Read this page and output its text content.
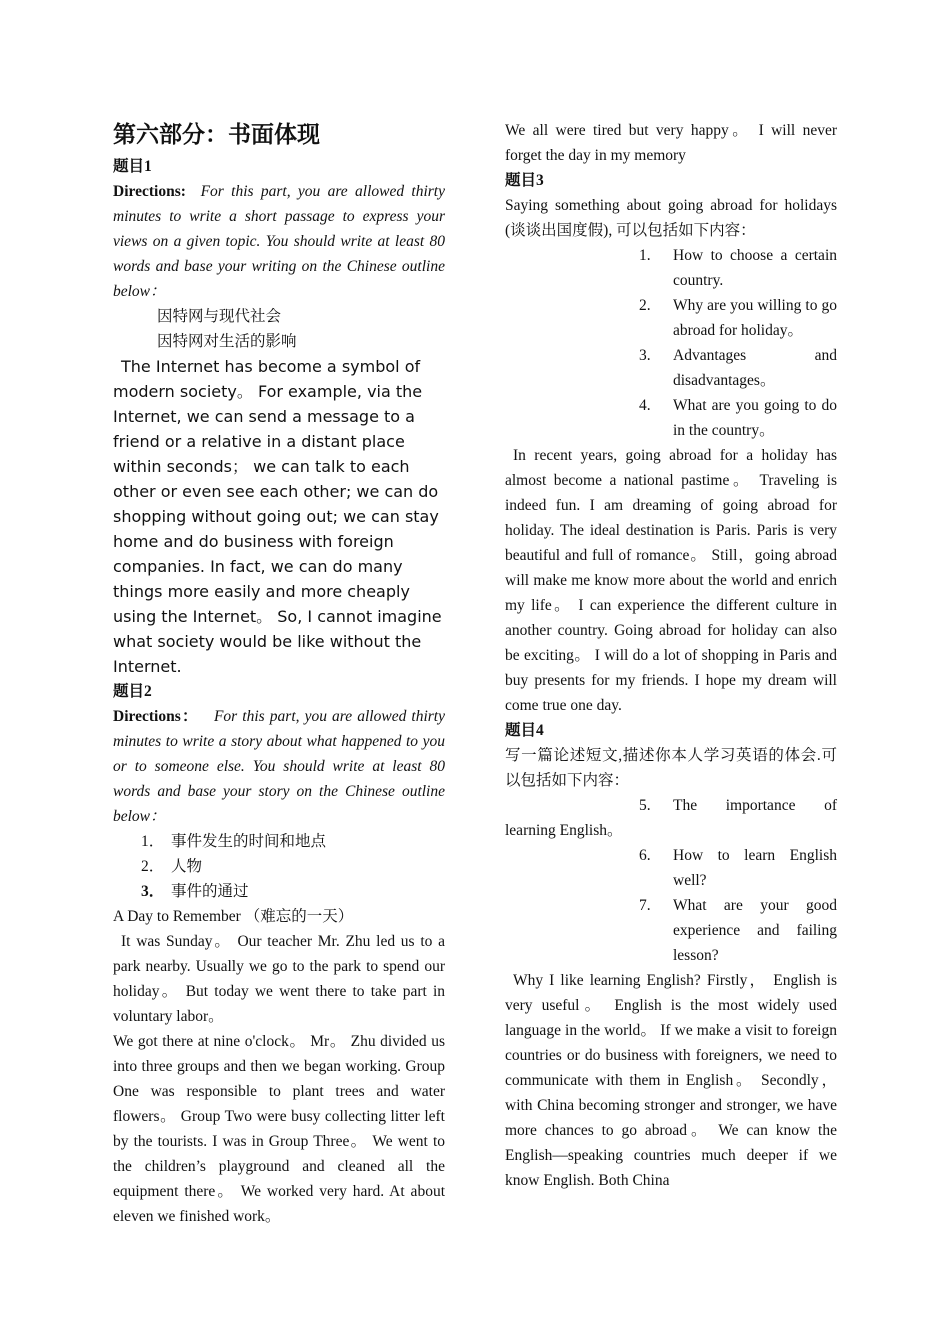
第六部分：书面体现

题目1

Directions: For this part, you are allowed thirty minutes to write a short passage to express your views on a given topic. You should write at least 80 words and base your writing on the Chinese outline below：

因特网与现代社会

因特网对生活的影响

The Internet has become a symbol of modern society。 For example, via the Internet, we can send a message to a friend or a relative in a distant place within seconds； we can talk to each other or even see each other; we can do shopping without going out; we can stay home and do business with foreign companies. In fact, we can do many things more easily and more cheaply using the Internet。 So, I cannot imagine what society would be like without the Internet.

题目2

Directions： For this part, you are allowed thirty minutes to write a story about what happened to you or to someone else. You should write at least 80 words and base your story on the Chinese outline below：

1． 事件发生的时间和地点
2． 人物
3． 事件的通过

A Day to Remember （难忘的一天）

It was Sunday。 Our teacher Mr. Zhu led us to a park nearby. Usually we go to the park to spend our holiday。 But today we went there to take part in voluntary labor。

We got there at nine o'clock。 Mr。 Zhu divided us into three groups and then we began working. Group One was responsible to plant trees and water flowers。 Group Two were busy collecting litter left by the tourists. I was in Group Three。 We went to the children’s playground and cleaned all the equipment there。 We worked very hard. At about eleven we finished work。

We all were tired but very happy。 I will never forget the day in my memory

题目3

Saying something about going abroad for holidays (谈谈出国度假), 可以包括如下内容：

1. How to choose a certain country.
2. Why are you willing to go abroad for holiday。
3. Advantages and disadvantages。
4. What are you going to do in the country。

In recent years, going abroad for a holiday has almost become a national pastime。 Traveling is indeed fun. I am dreaming of going abroad for holiday. The ideal destination is Paris. Paris is very beautiful and full of romance。 Still，going abroad will make me know more about the world and enrich my life。 I can experience the different culture in another country. Going abroad for holiday can also be exciting。 I will do a lot of shopping in Paris and buy presents for my friends. I hope my dream will come true one day.

题目4

写一篇论述短文,描述你本人学习英语的体会.可以包括如下内容：

5. The importance of learning English。

6. How to learn English well?
7. What are your good experience and failing lesson?

Why I like learning English? Firstly， English is very useful。 English is the most widely used language in the world。 If we make a visit to foreign countries or do business with foreigners, we need to communicate with them in English。 Secondly， with China becoming stronger and stronger, we have more chances to go abroad。 We can know the English—speaking countries much deeper if we know English. Both China
